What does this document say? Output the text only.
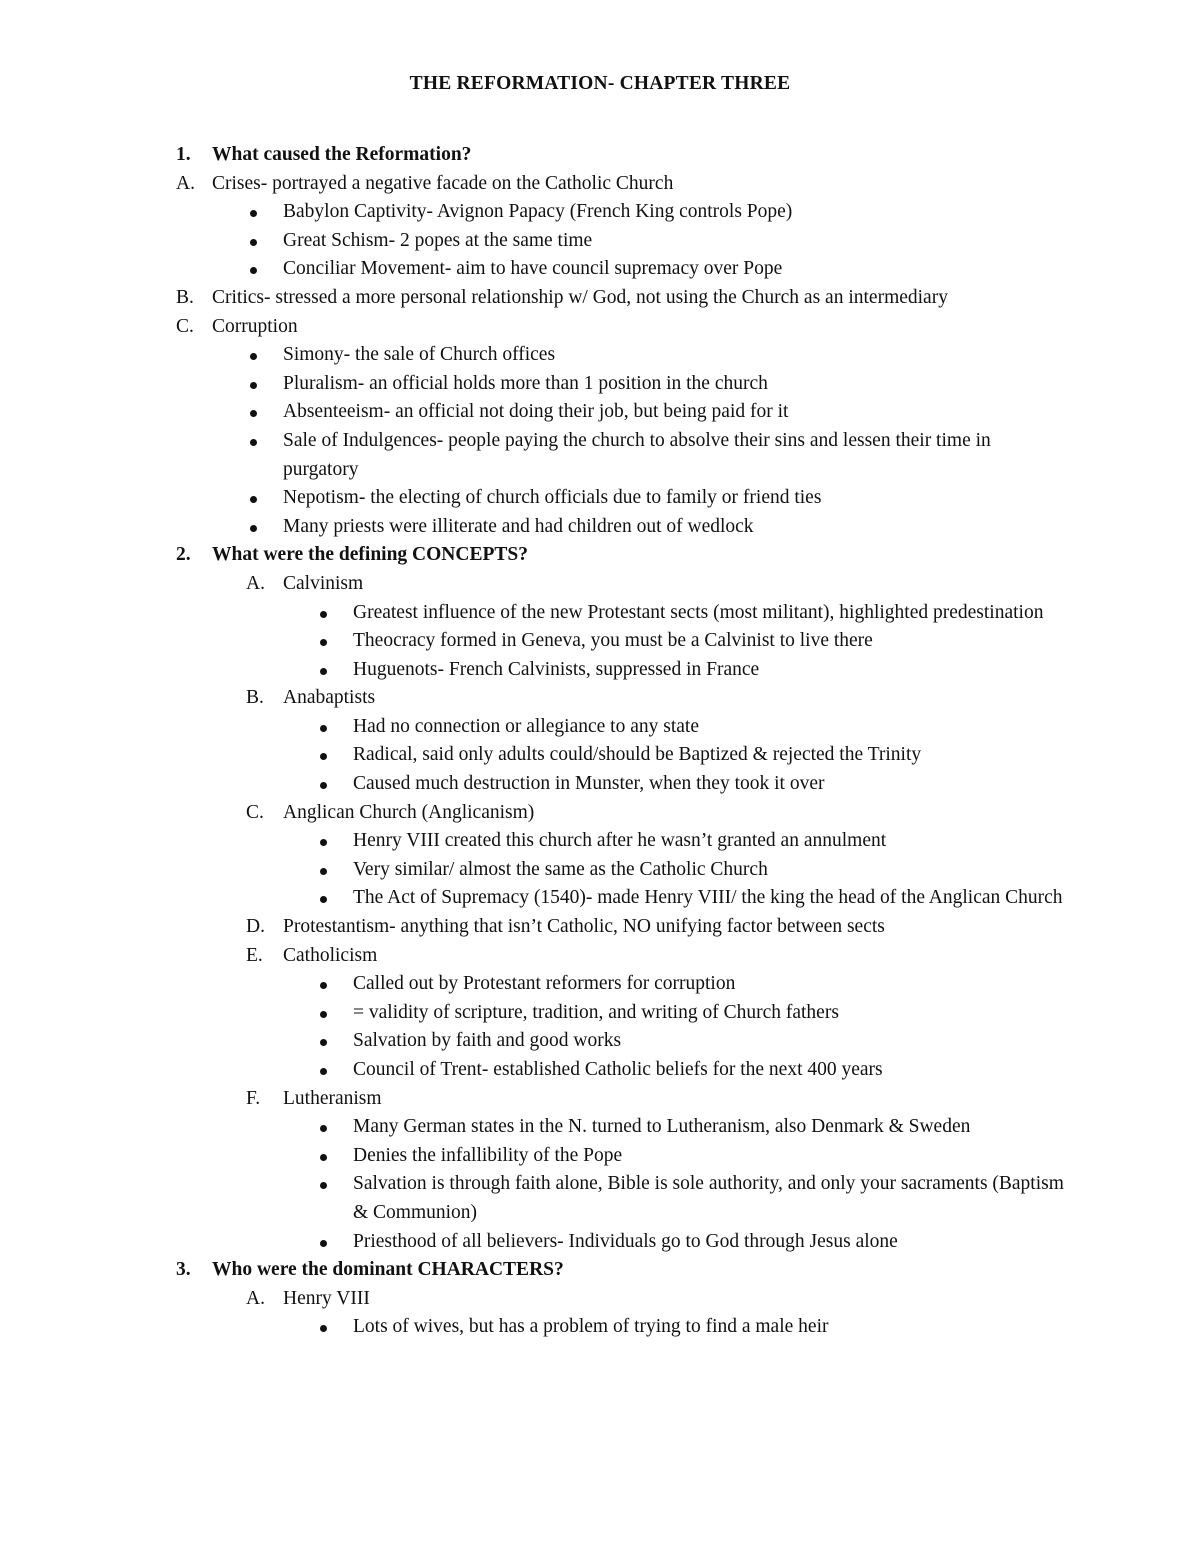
THE REFORMATION- CHAPTER THREE
1. What caused the Reformation?
A. Crises- portrayed a negative facade on the Catholic Church
Babylon Captivity- Avignon Papacy (French King controls Pope)
Great Schism- 2 popes at the same time
Conciliar Movement- aim to have council supremacy over Pope
B. Critics- stressed a more personal relationship w/ God, not using the Church as an intermediary
C. Corruption
Simony- the sale of Church offices
Pluralism- an official holds more than 1 position in the church
Absenteeism- an official not doing their job, but being paid for it
Sale of Indulgences- people paying the church to absolve their sins and lessen their time in purgatory
Nepotism- the electing of church officials due to family or friend ties
Many priests were illiterate and had children out of wedlock
2. What were the defining CONCEPTS?
A. Calvinism
Greatest influence of the new Protestant sects (most militant), highlighted predestination
Theocracy formed in Geneva, you must be a Calvinist to live there
Huguenots- French Calvinists, suppressed in France
B. Anabaptists
Had no connection or allegiance to any state
Radical, said only adults could/should be Baptized & rejected the Trinity
Caused much destruction in Munster, when they took it over
C. Anglican Church (Anglicanism)
Henry VIII created this church after he wasn’t granted an annulment
Very similar/ almost the same as the Catholic Church
The Act of Supremacy (1540)- made Henry VIII/ the king the head of the Anglican Church
D. Protestantism- anything that isn’t Catholic, NO unifying factor between sects
E. Catholicism
Called out by Protestant reformers for corruption
= validity of scripture, tradition, and writing of Church fathers
Salvation by faith and good works
Council of Trent- established Catholic beliefs for the next 400 years
F. Lutheranism
Many German states in the N. turned to Lutheranism, also Denmark & Sweden
Denies the infallibility of the Pope
Salvation is through faith alone, Bible is sole authority, and only your sacraments (Baptism & Communion)
Priesthood of all believers- Individuals go to God through Jesus alone
3. Who were the dominant CHARACTERS?
A. Henry VIII
Lots of wives, but has a problem of trying to find a male heir
